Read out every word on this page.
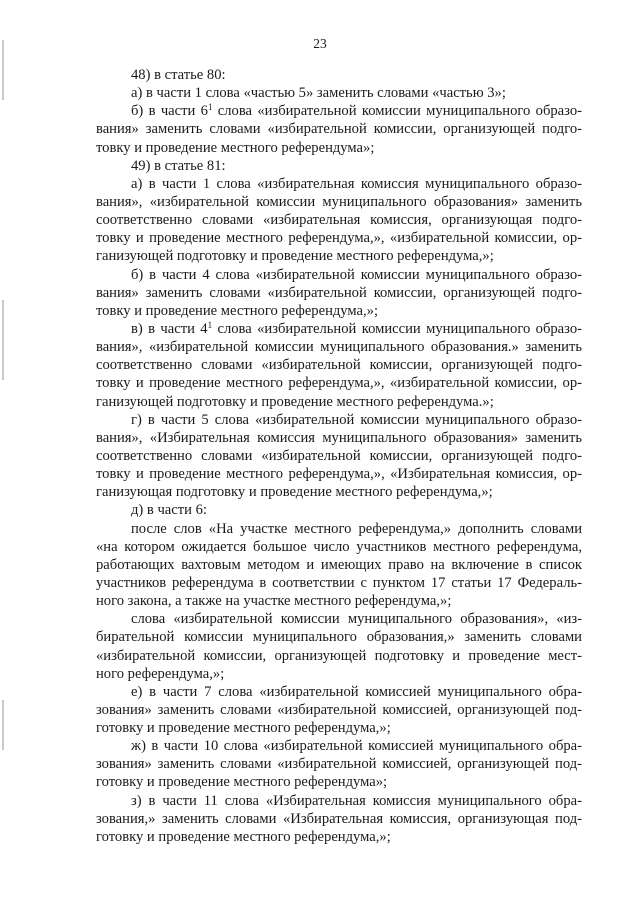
23
48) в статье 80:
а) в части 1 слова «частью 5» заменить словами «частью 3»;
б) в части $6^1$ слова «избирательной комиссии муниципального образо-
вания» заменить словами «избирательной комиссии, организующей подго-
товку и проведение местного референдума»;
49) в статье 81:
а) в части 1 слова «избирательная комиссия муниципального образо-
вания», «избирательной комиссии муниципального образования» заменить
соответственно словами «избирательная комиссия, организующая подго-
товку и проведение местного референдума,», «избирательной комиссии, ор-
ганизующей подготовку и проведение местного референдума,»;
б) в части 4 слова «избирательной комиссии муниципального образо-
вания» заменить словами «избирательной комиссии, организующей подго-
товку и проведение местного референдума,»;
в) в части $4^1$ слова «избирательной комиссии муниципального образо-
вания», «избирательной комиссии муниципального образования.» заменить
соответственно словами «избирательной комиссии, организующей подго-
товку и проведение местного референдума,», «избирательной комиссии, ор-
ганизующей подготовку и проведение местного референдума.»;
г) в части 5 слова «избирательной комиссии муниципального образо-
вания», «Избирательная комиссия муниципального образования» заменить
соответственно словами «избирательной комиссии, организующей подго-
товку и проведение местного референдума,», «Избирательная комиссия, ор-
ганизующая подготовку и проведение местного референдума,»;
д) в части 6:
после слов «На участке местного референдума,» дополнить словами
«на котором ожидается большое число участников местного референдума,
работающих вахтовым методом и имеющих право на включение в список
участников референдума в соответствии с пунктом 17 статьи 17 Федераль-
ного закона, а также на участке местного референдума,»;
слова «избирательной комиссии муниципального образования», «из-
бирательной комиссии муниципального образования,» заменить словами
«избирательной комиссии, организующей подготовку и проведение мест-
ного референдума,»;
е) в части 7 слова «избирательной комиссией муниципального обра-
зования» заменить словами «избирательной комиссией, организующей под-
готовку и проведение местного референдума,»;
ж) в части 10 слова «избирательной комиссией муниципального обра-
зования» заменить словами «избирательной комиссией, организующей под-
готовку и проведение местного референдума»;
з) в части 11 слова «Избирательная комиссия муниципального обра-
зования,» заменить словами «Избирательная комиссия, организующая под-
готовку и проведение местного референдума,»;
